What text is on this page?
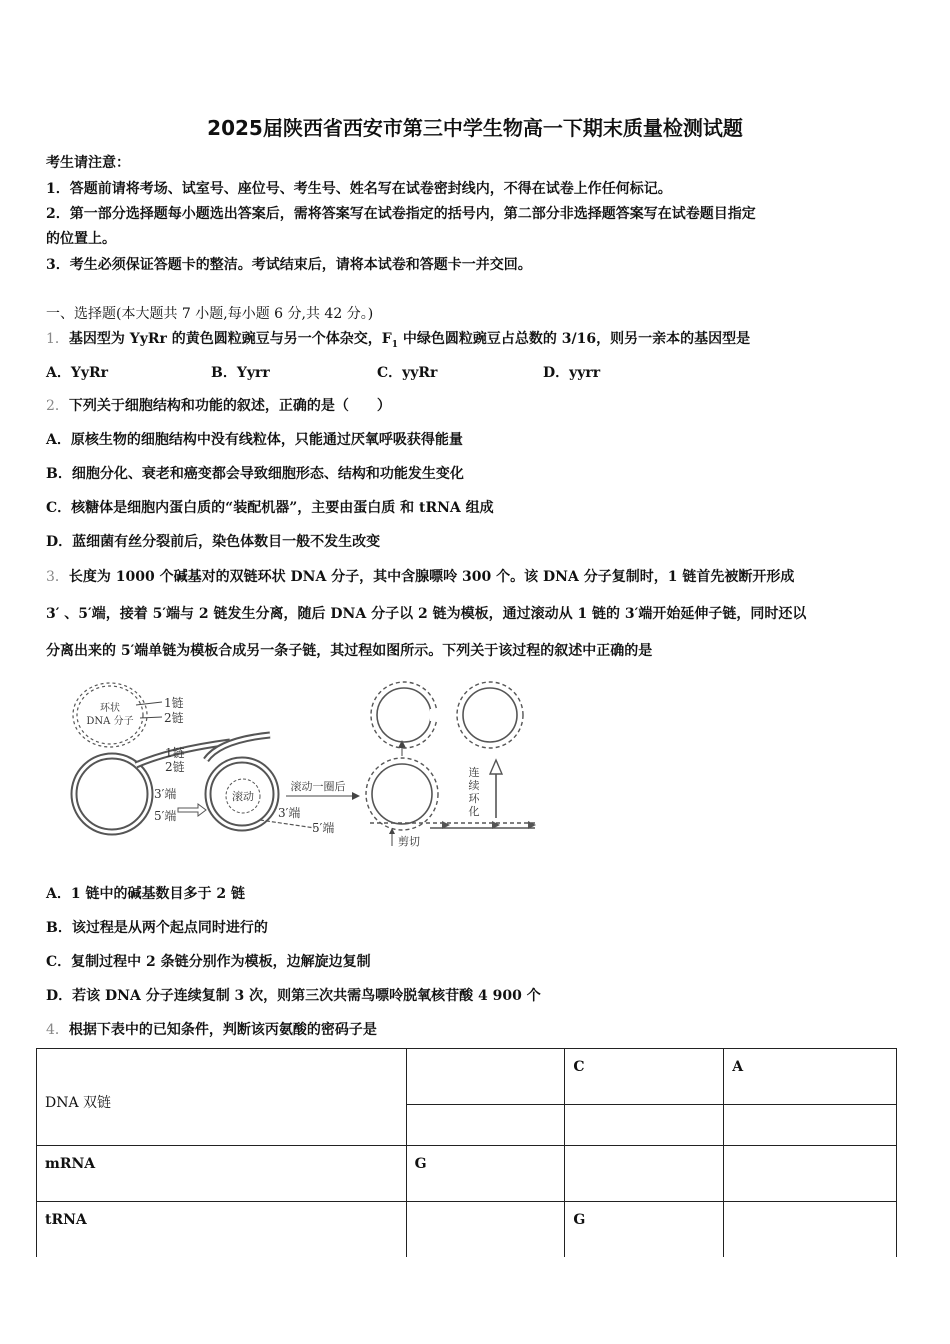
2025届陕西省西安市第三中学生物高一下期末质量检测试题
考生请注意：
1．答题前请将考场、试室号、座位号、考生号、姓名写在试卷密封线内，不得在试卷上作任何标记。
2．第一部分选择题每小题选出答案后，需将答案写在试卷指定的括号内，第二部分非选择题答案写在试卷题目指定
的位置上。
3．考生必须保证答题卡的整洁。考试结束后，请将本试卷和答题卡一并交回。
一、选择题(本大题共 7 小题,每小题 6 分,共 42 分。)
1．基因型为 YyRr 的黄色圆粒豌豆与另一个体杂交，$F_1$ 中绿色圆粒豌豆占总数的 3/16，则另一亲本的基因型是
A．YyRr	B．Yyrr	C．yyRr	D．yyrr
2．下列关于细胞结构和功能的叙述，正确的是（　　）
A．原核生物的细胞结构中没有线粒体，只能通过厌氧呼吸获得能量
B．细胞分化、衰老和癌变都会导致细胞形态、结构和功能发生变化
C．核糖体是细胞内蛋白质的“装配机器”，主要由蛋白质 和 tRNA 组成
D．蓝细菌有丝分裂前后，染色体数目一般不发生改变
3．长度为 1000 个碱基对的双链环状 DNA 分子，其中含腺嘌呤 300 个。该 DNA 分子复制时，1 链首先被断开形成
3′ 、5′端，接着 5′端与 2 链发生分离，随后 DNA 分子以 2 链为模板，通过滚动从 1 链的 3′端开始延伸子链，同时还以
分离出来的 5′端单链为模板合成另一条子链，其过程如图所示。下列关于该过程的叙述中正确的是
环状
DNA 分子
1链
2链
1链
2链
3′端
5′端
滚动
3′端
5′端
滚动一圈后
剪切
连
续
环
化
A．1 链中的碱基数目多于 2 链
B．该过程是从两个起点同时进行的
C．复制过程中 2 条链分别作为模板，边解旋边复制
D．若该 DNA 分子连续复制 3 次，则第三次共需鸟嘌呤脱氧核苷酸 4 900 个
4．根据下表中的已知条件，判断该丙氨酸的密码子是
DNA 双链		C	A

mRNA	G		
tRNA		G	
